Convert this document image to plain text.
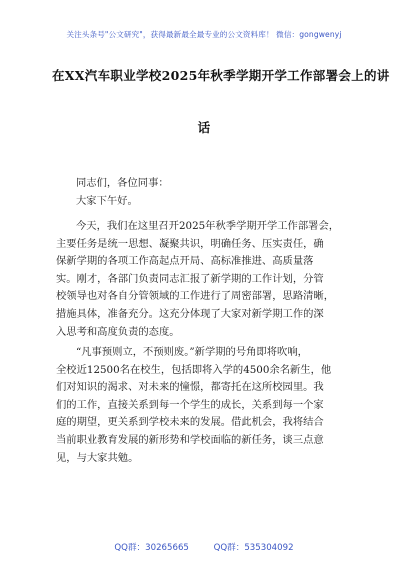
关注头条号"公文研究"，获得最新最全最专业的公文资料库！ 微信：gongwenyj
在XX汽车职业学校2025年秋季学期开学工作部署会上的讲
话
同志们，各位同事：
大家下午好。
今天，我们在这里召开2025年秋季学期开学工作部署会，
主要任务是统一思想、凝聚共识，明确任务、压实责任，确
保新学期的各项工作高起点开局、高标准推进、高质量落
实。刚才，各部门负责同志汇报了新学期的工作计划，分管
校领导也对各自分管领域的工作进行了周密部署，思路清晰，
措施具体，准备充分。这充分体现了大家对新学期工作的深
入思考和高度负责的态度。
“凡事预则立，不预则废。”新学期的号角即将吹响，
全校近12500名在校生，包括即将入学的4500余名新生，他
们对知识的渴求、对未来的憧憬，都寄托在这所校园里。我
们的工作，直接关系到每一个学生的成长，关系到每一个家
庭的期望，更关系到学校未来的发展。借此机会，我将结合
当前职业教育发展的新形势和学校面临的新任务，谈三点意
见，与大家共勉。
QQ群：30265665	QQ群：535304092
